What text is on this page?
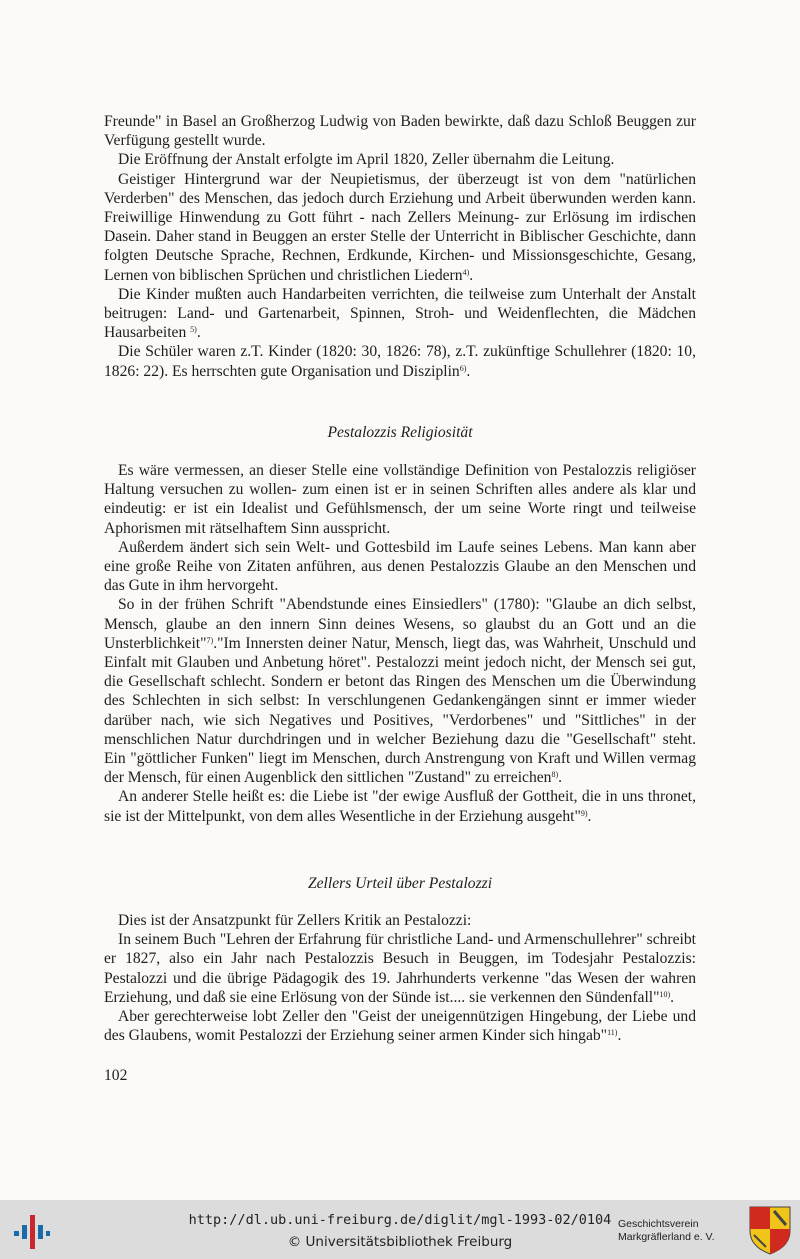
Freunde" in Basel an Großherzog Ludwig von Baden bewirkte, daß dazu Schloß Beuggen zur Verfügung gestellt wurde.

Die Eröffnung der Anstalt erfolgte im April 1820, Zeller übernahm die Leitung.

Geistiger Hintergrund war der Neupietismus, der überzeugt ist von dem "natürlichen Verderben" des Menschen, das jedoch durch Erziehung und Arbeit überwunden werden kann. Freiwillige Hinwendung zu Gott führt - nach Zellers Meinung- zur Erlösung im irdischen Dasein. Daher stand in Beuggen an erster Stelle der Unterricht in Biblischer Geschichte, dann folgten Deutsche Sprache, Rechnen, Erdkunde, Kirchen- und Missionsgeschichte, Gesang, Lernen von biblischen Sprüchen und christlichen Liedern$^{4)}$.

Die Kinder mußten auch Handarbeiten verrichten, die teilweise zum Unterhalt der Anstalt beitrugen: Land- und Gartenarbeit, Spinnen, Stroh- und Weidenflechten, die Mädchen Hausarbeiten $^{5)}$.

Die Schüler waren z.T. Kinder (1820: 30, 1826: 78), z.T. zukünftige Schullehrer (1820: 10, 1826: 22). Es herrschten gute Organisation und Disziplin$^{6)}$.

Pestalozzis Religiosität

Es wäre vermessen, an dieser Stelle eine vollständige Definition von Pestalozzis religiöser Haltung versuchen zu wollen- zum einen ist er in seinen Schriften alles andere als klar und eindeutig: er ist ein Idealist und Gefühlsmensch, der um seine Worte ringt und teilweise Aphorismen mit rätselhaftem Sinn ausspricht.

Außerdem ändert sich sein Welt- und Gottesbild im Laufe seines Lebens. Man kann aber eine große Reihe von Zitaten anführen, aus denen Pestalozzis Glaube an den Menschen und das Gute in ihm hervorgeht.

So in der frühen Schrift "Abendstunde eines Einsiedlers" (1780): "Glaube an dich selbst, Mensch, glaube an den innern Sinn deines Wesens, so glaubst du an Gott und an die Unsterblichkeit"$^{7)}$."Im Innersten deiner Natur, Mensch, liegt das, was Wahrheit, Unschuld und Einfalt mit Glauben und Anbetung höret". Pestalozzi meint jedoch nicht, der Mensch sei gut, die Gesellschaft schlecht. Sondern er betont das Ringen des Menschen um die Überwindung des Schlechten in sich selbst: In verschlungenen Gedankengängen sinnt er immer wieder darüber nach, wie sich Negatives und Positives, "Verdorbenes" und "Sittliches" in der menschlichen Natur durchdringen und in welcher Beziehung dazu die "Gesellschaft" steht. Ein "göttlicher Funken" liegt im Menschen, durch Anstrengung von Kraft und Willen vermag der Mensch, für einen Augenblick den sittlichen "Zustand" zu erreichen$^{8)}$.

An anderer Stelle heißt es: die Liebe ist "der ewige Ausfluß der Gottheit, die in uns thronet, sie ist der Mittelpunkt, von dem alles Wesentliche in der Erziehung ausgeht"$^{9)}$.

Zellers Urteil über Pestalozzi

Dies ist der Ansatzpunkt für Zellers Kritik an Pestalozzi:

In seinem Buch "Lehren der Erfahrung für christliche Land- und Armenschullehrer" schreibt er 1827, also ein Jahr nach Pestalozzis Besuch in Beuggen, im Todesjahr Pestalozzis: Pestalozzi und die übrige Pädagogik des 19. Jahrhunderts verkenne "das Wesen der wahren Erziehung, und daß sie eine Erlösung von der Sünde ist.... sie verkennen den Sündenfall"$^{10)}$.

Aber gerechterweise lobt Zeller den "Geist der uneigennützigen Hingebung, der Liebe und des Glaubens, womit Pestalozzi der Erziehung seiner armen Kinder sich hingab"$^{11)}$.

102
http://dl.ub.uni-freiburg.de/diglit/mgl-1993-02/0104
© Universitätsbibliothek Freiburg
Geschichtsverein
Markgräflerland e. V.
